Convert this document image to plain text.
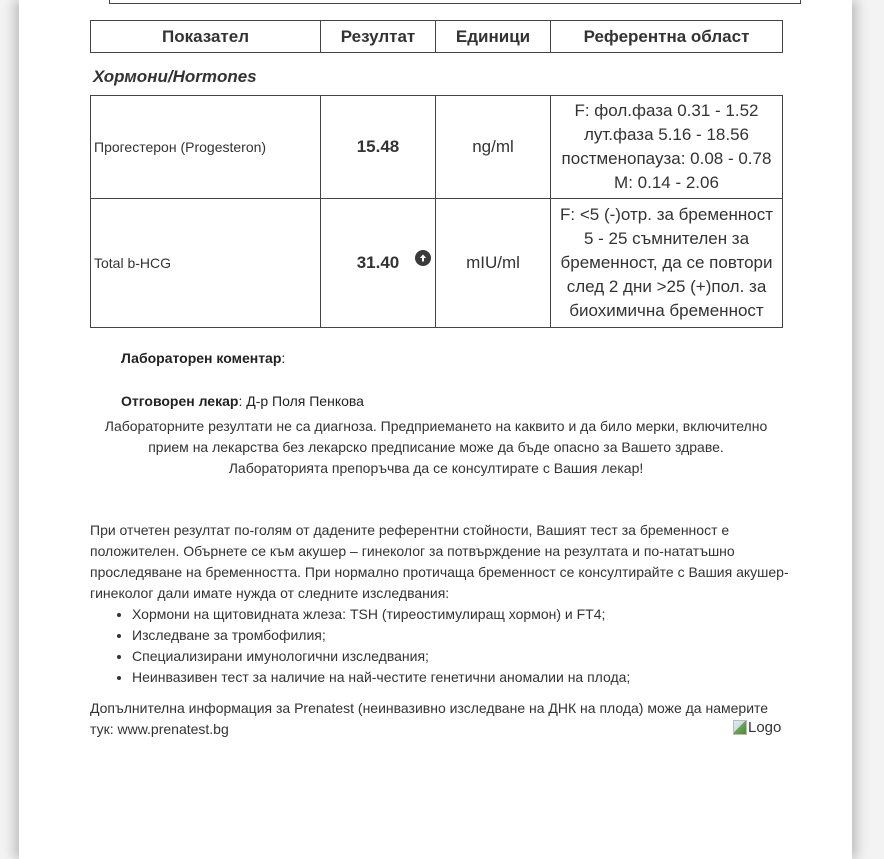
Показател	Резултат	Единици	Референтна област
Хормони/Hormones
Прогестерон (Progesteron)	15.48	ng/ml	F: фол.фаза 0.31 - 1.52
лут.фаза 5.16 - 18.56
постменопауза: 0.08 - 0.78
M: 0.14 - 2.06

Total b-HCG	31.40	mIU/ml	F: <5 (-)отр. за бременност
5 - 25 съмнителен за
бременност, да се повтори
след 2 дни >25 (+)пол. за
биохимична бременност
Лабораторен коментар:
Отговорен лекар: Д-р Поля Пенкова
Лабораторните резултати не са диагноза. Предприемането на каквито и да било мерки, включително прием на лекарства без лекарско предписание може да бъде опасно за Вашето здраве. Лабораторията препоръчва да се консултирате с Вашия лекар!
При отчетен резултат по-голям от дадените референтни стойности, Вашият тест за бременност е положителен. Обърнете се към акушер – гинеколог за потвърждение на резултата и по-нататъшно проследяване на бременността. При нормално протичаща бременност се консултирайте с Вашия акушер-гинеколог дали имате нужда от следните изследвания:
• Хормони на щитовидната жлеза: TSH (тиреостимулиращ хормон) и FT4;
• Изследване за тромбофилия;
• Специализирани имунологични изследвания;
• Неинвазивен тест за наличие на най-честите генетични аномалии на плода;
Допълнителна информация за Prenatest (неинвазивно изследване на ДНК на плода) може да намерите тук: www.prenatest.bg	Logo
